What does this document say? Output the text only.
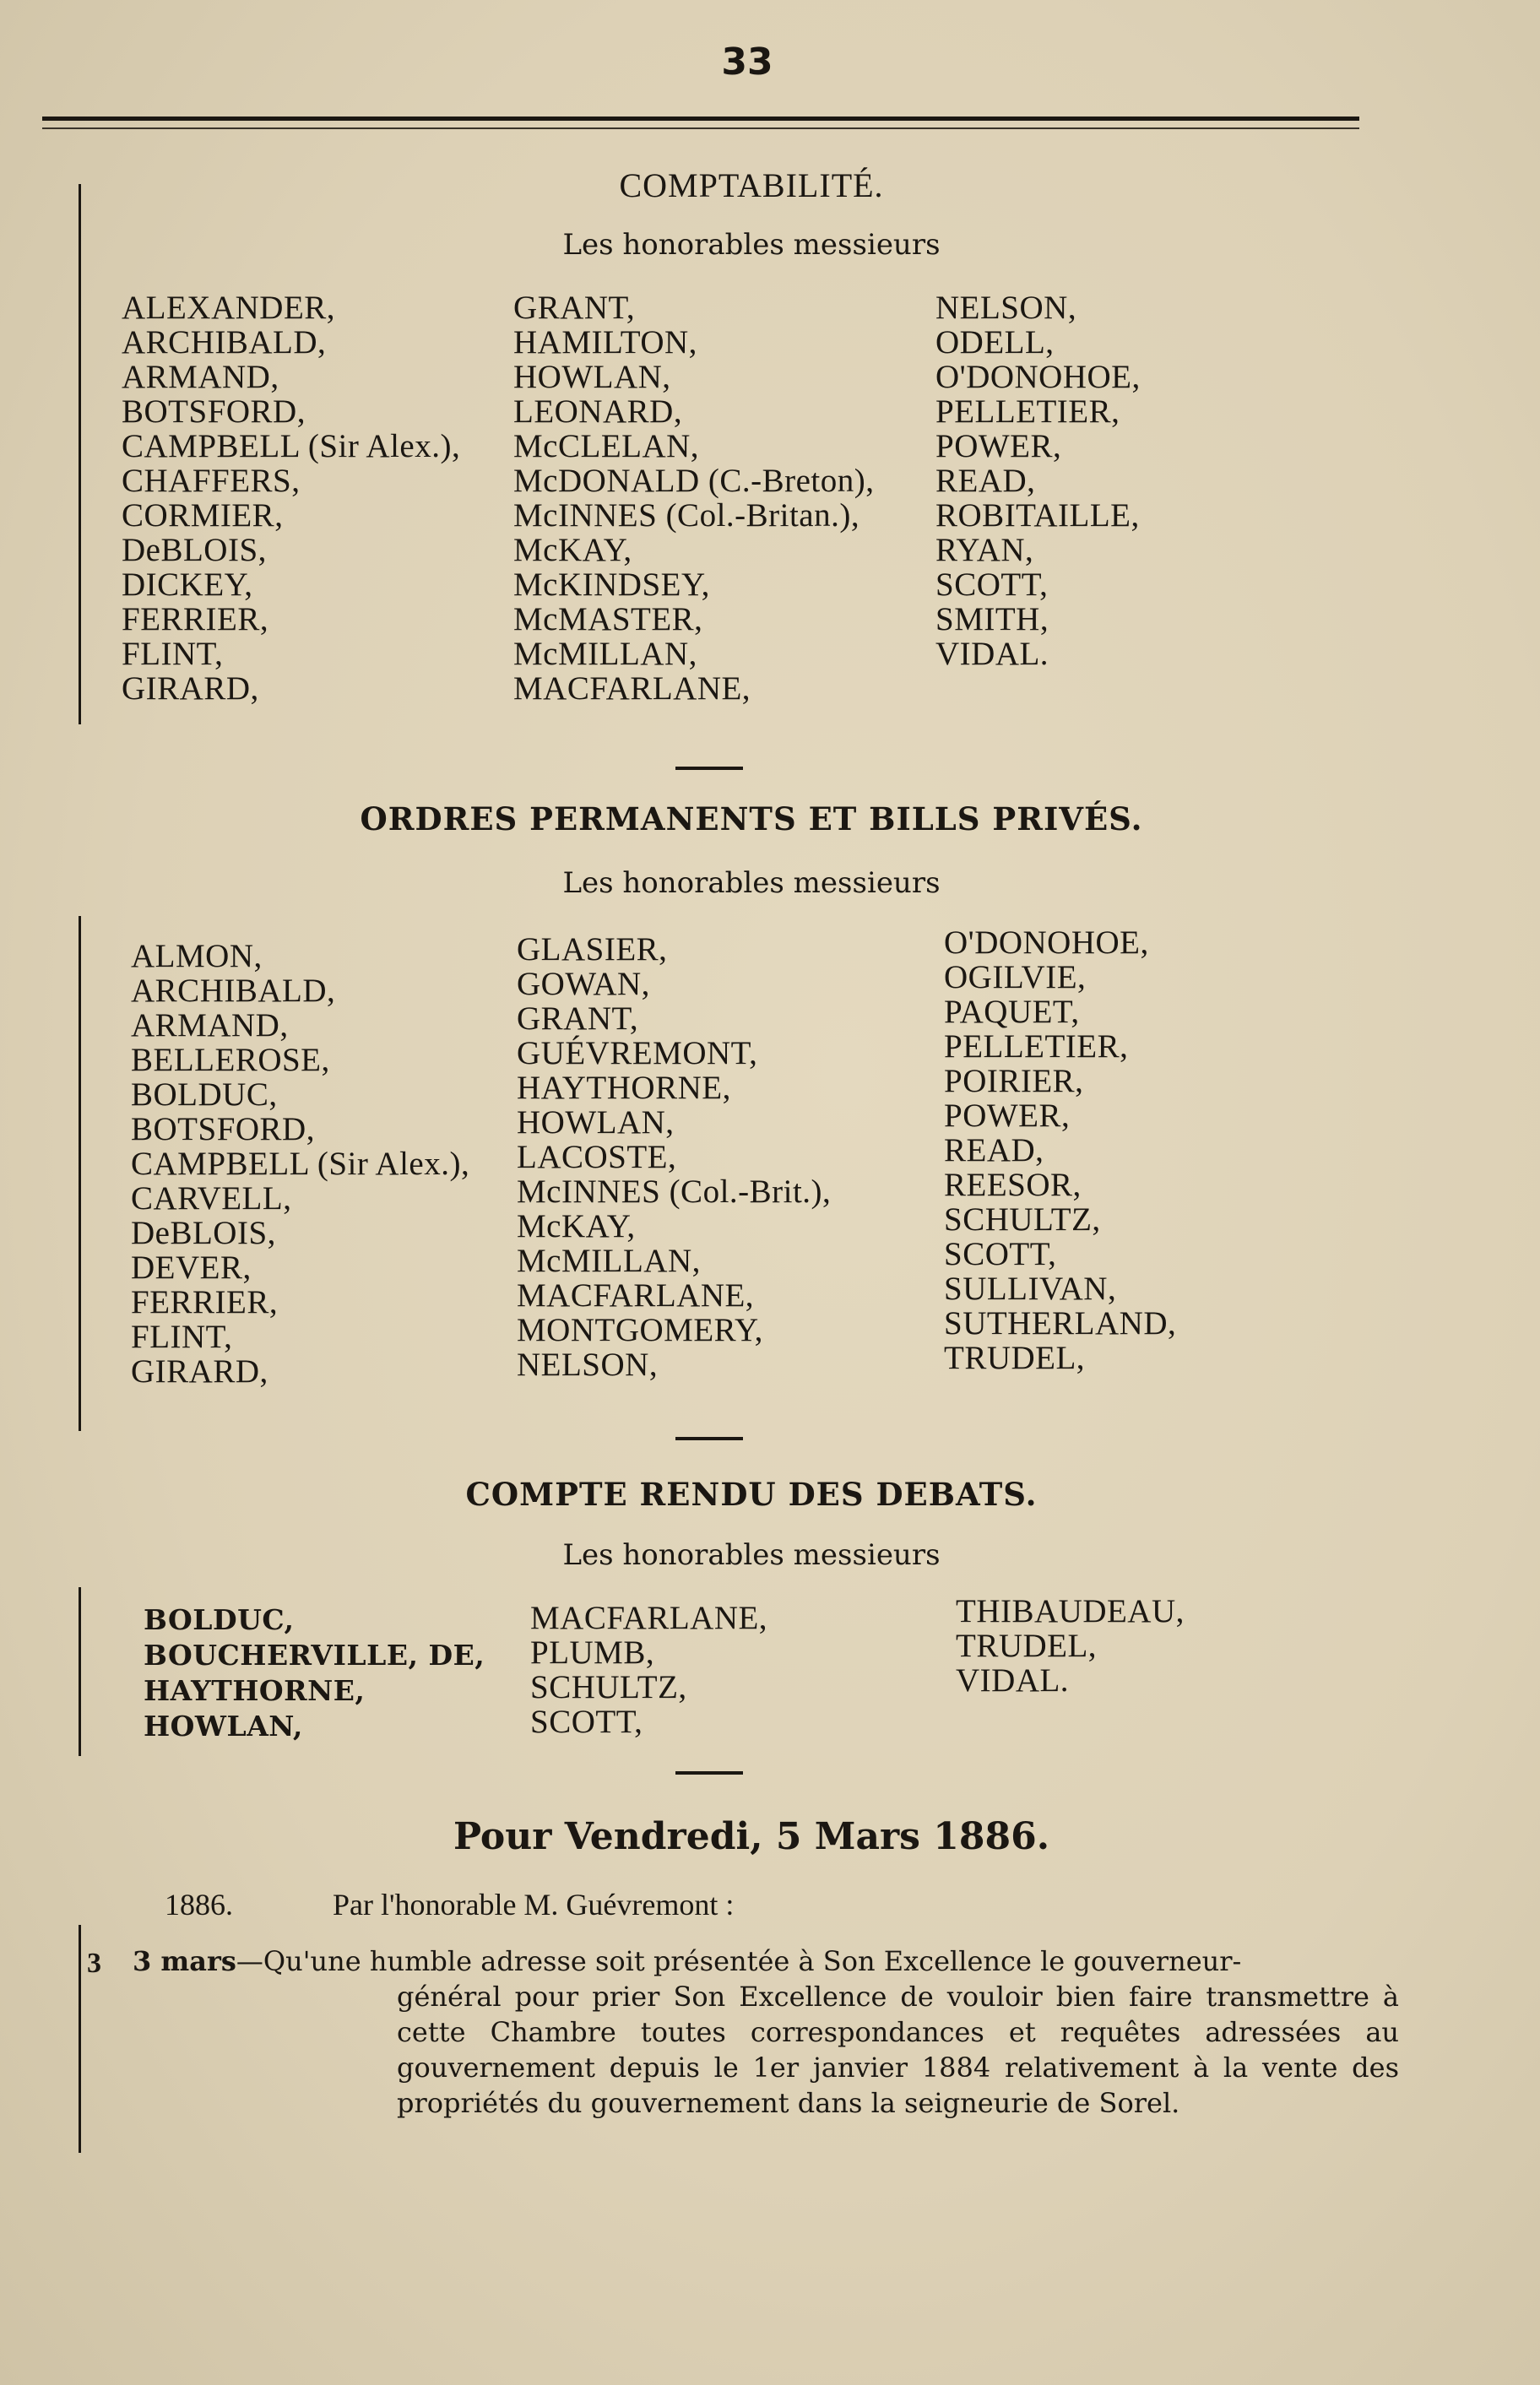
33
COMPTABILITÉ.
Les honorables messieurs
ALEXANDER,
ARCHIBALD,
ARMAND,
BOTSFORD,
CAMPBELL (Sir Alex.),
CHAFFERS,
CORMIER,
DeBLOIS,
DICKEY,
FERRIER,
FLINT,
GIRARD,
GRANT,
HAMILTON,
HOWLAN,
LEONARD,
McCLELAN,
McDONALD (C.-Breton),
McINNES (Col.-Britan.),
McKAY,
McKINDSEY,
McMASTER,
McMILLAN,
MACFARLANE,
NELSON,
ODELL,
O'DONOHOE,
PELLETIER,
POWER,
READ,
ROBITAILLE,
RYAN,
SCOTT,
SMITH,
VIDAL.
ORDRES PERMANENTS ET BILLS PRIVÉS.
Les honorables messieurs
ALMON,
ARCHIBALD,
ARMAND,
BELLEROSE,
BOLDUC,
BOTSFORD,
CAMPBELL (Sir Alex.),
CARVELL,
DeBLOIS,
DEVER,
FERRIER,
FLINT,
GIRARD,
GLASIER,
GOWAN,
GRANT,
GUÉVREMONT,
HAYTHORNE,
HOWLAN,
LACOSTE,
McINNES (Col.-Brit.),
McKAY,
McMILLAN,
MACFARLANE,
MONTGOMERY,
NELSON,
O'DONOHOE,
OGILVIE,
PAQUET,
PELLETIER,
POIRIER,
POWER,
READ,
REESOR,
SCHULTZ,
SCOTT,
SULLIVAN,
SUTHERLAND,
TRUDEL,
COMPTE RENDU DES DEBATS.
Les honorables messieurs
BOLDUC,
BOUCHERVILLE, DE,
HAYTHORNE,
HOWLAN,
MACFARLANE,
PLUMB,
SCHULTZ,
SCOTT,
THIBAUDEAU,
TRUDEL,
VIDAL.
Pour Vendredi, 5 Mars 1886.
1886.	Par l'honorable M. Guévremont :
3 3 mars—Qu'une humble adresse soit présentée à Son Excellence le gouverneur-
général pour prier Son Excellence de vouloir bien faire transmettre à cette Chambre toutes correspondances et requêtes adressées au gouvernement depuis le 1er janvier 1884 relativement à la vente des propriétés du gouvernement dans la seigneurie de Sorel.
